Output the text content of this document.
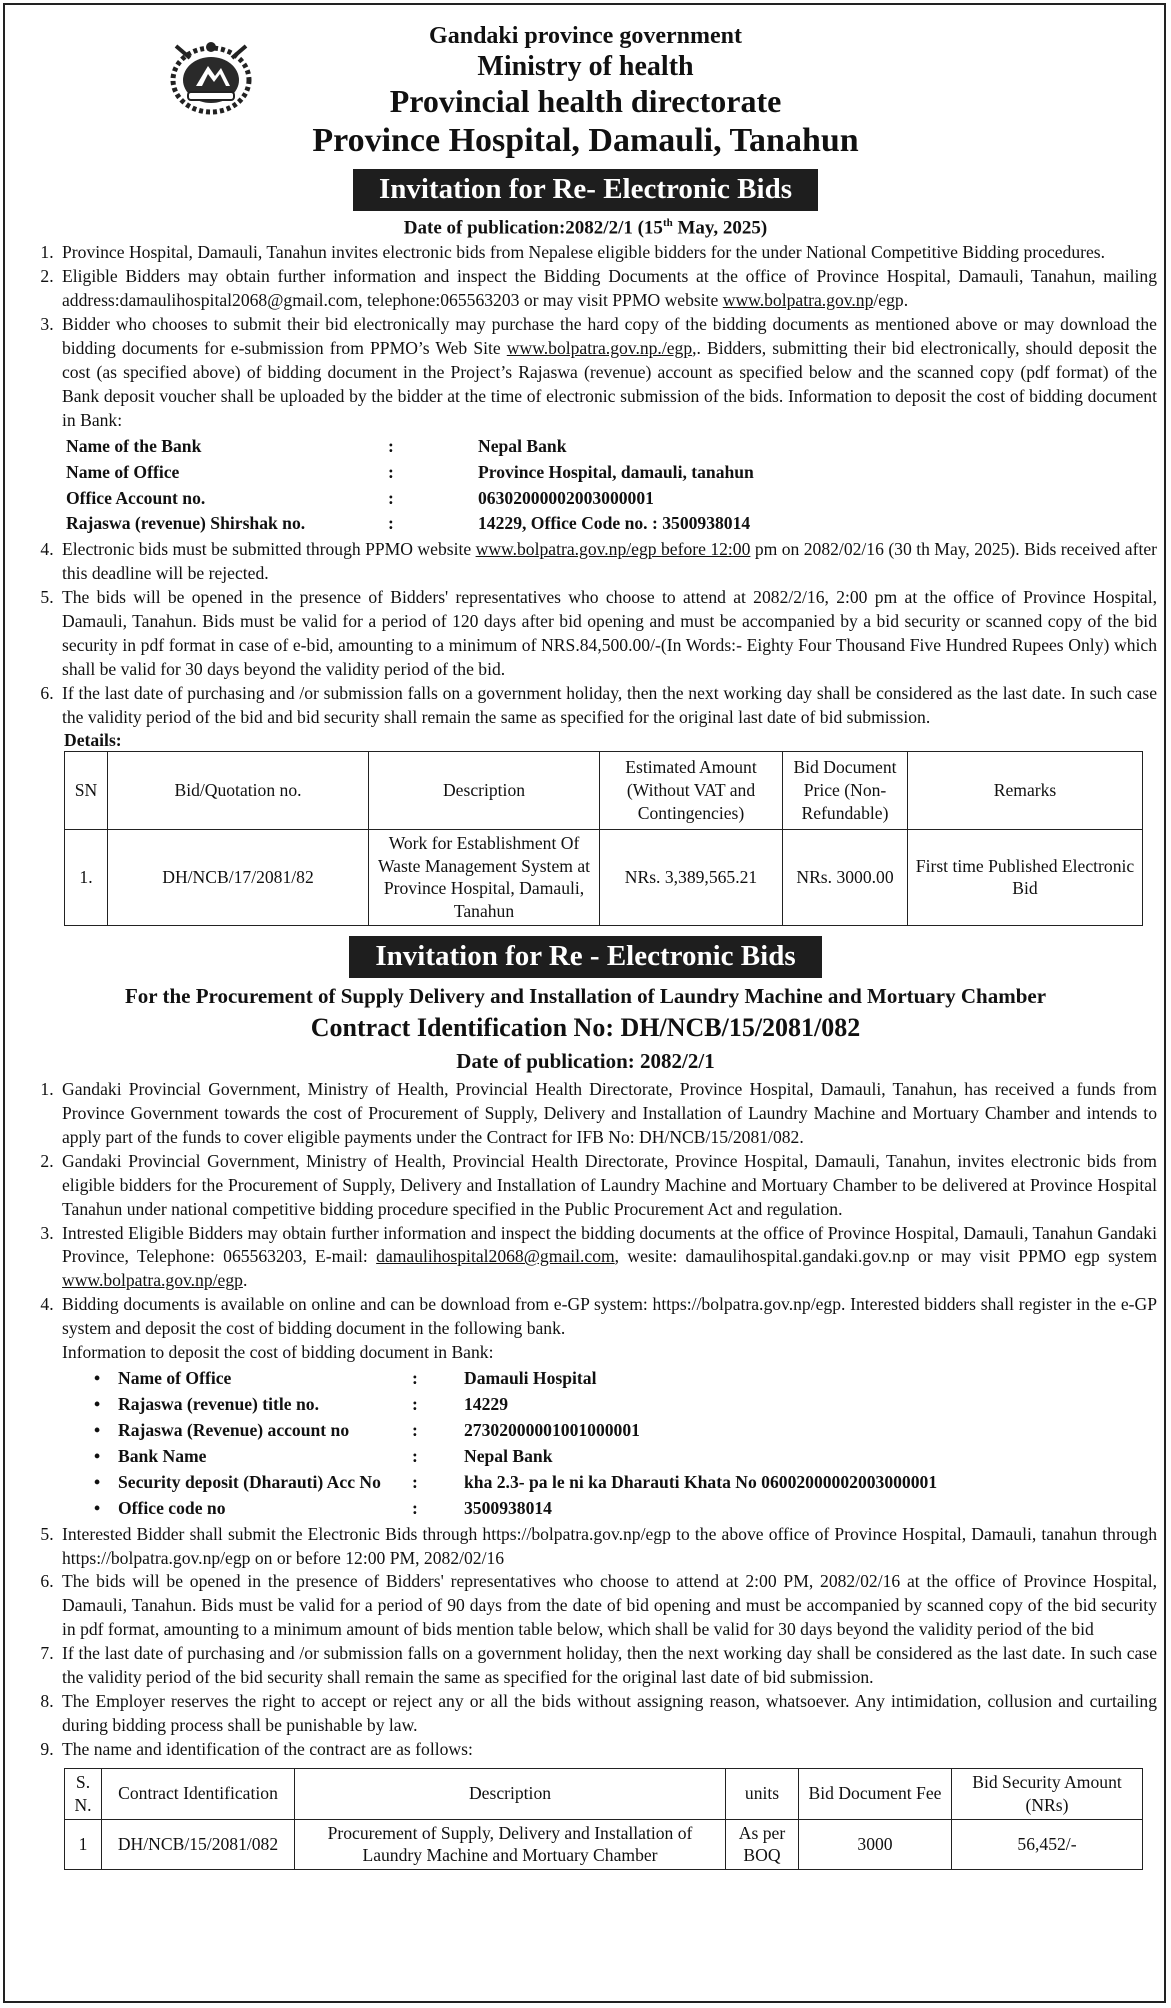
Gandaki province government
Ministry of health
Provincial health directorate
Province Hospital, Damauli, Tanahun
Invitation for Re- Electronic Bids
Date of publication:2082/2/1 (15th May, 2025)
1. Province Hospital, Damauli, Tanahun invites electronic bids from Nepalese eligible bidders for the under National Competitive Bidding procedures.
2. Eligible Bidders may obtain further information and inspect the Bidding Documents at the office of Province Hospital, Damauli, Tanahun, mailing address:damaulihospital2068@gmail.com, telephone:065563203 or may visit PPMO website www.bolpatra.gov.np/egp.
3. Bidder who chooses to submit their bid electronically may purchase the hard copy of the bidding documents as mentioned above or may download the bidding documents for e-submission from PPMO’s Web Site www.bolpatra.gov.np./egp,. Bidders, submitting their bid electronically, should deposit the cost (as specified above) of bidding document in the Project’s Rajaswa (revenue) account as specified below and the scanned copy (pdf format) of the Bank deposit voucher shall be uploaded by the bidder at the time of electronic submission of the bids. Information to deposit the cost of bidding document in Bank:
Name of the Bank	:	Nepal Bank
Name of Office	:	Province Hospital, damauli, tanahun
Office Account no.	:	06302000002003000001
Rajaswa (revenue) Shirshak no.	:	14229, Office Code no. : 3500938014
4. Electronic bids must be submitted through PPMO website www.bolpatra.gov.np/egp before 12:00 pm on 2082/02/16 (30 th May, 2025). Bids received after this deadline will be rejected.
5. The bids will be opened in the presence of Bidders' representatives who choose to attend at 2082/2/16, 2:00 pm at the office of Province Hospital, Damauli, Tanahun. Bids must be valid for a period of 120 days after bid opening and must be accompanied by a bid security or scanned copy of the bid security in pdf format in case of e-bid, amounting to a minimum of NRS.84,500.00/-(In Words:- Eighty Four Thousand Five Hundred Rupees Only) which shall be valid for 30 days beyond the validity period of the bid.
6. If the last date of purchasing and /or submission falls on a government holiday, then the next working day shall be considered as the last date. In such case the validity period of the bid and bid security shall remain the same as specified for the original last date of bid submission.
Details:
SN	Bid/Quotation no.	Description	Estimated Amount (Without VAT and Contingencies)	Bid Document Price (Non-Refundable)	Remarks
1.	DH/NCB/17/2081/82	Work for Establishment Of Waste Management System at Province Hospital, Damauli, Tanahun	NRs. 3,389,565.21	NRs. 3000.00	First time Published Electronic Bid
Invitation for Re - Electronic Bids
For the Procurement of Supply Delivery and Installation of Laundry Machine and Mortuary Chamber
Contract Identification No: DH/NCB/15/2081/082
Date of publication: 2082/2/1
1. Gandaki Provincial Government, Ministry of Health, Provincial Health Directorate, Province Hospital, Damauli, Tanahun, has received a funds from Province Government towards the cost of Procurement of Supply, Delivery and Installation of Laundry Machine and Mortuary Chamber and intends to apply part of the funds to cover eligible payments under the Contract for IFB No: DH/NCB/15/2081/082.
2. Gandaki Provincial Government, Ministry of Health, Provincial Health Directorate, Province Hospital, Damauli, Tanahun, invites electronic bids from eligible bidders for the Procurement of Supply, Delivery and Installation of Laundry Machine and Mortuary Chamber to be delivered at Province Hospital Tanahun under national competitive bidding procedure specified in the Public Procurement Act and regulation.
3. Intrested Eligible Bidders may obtain further information and inspect the bidding documents at the office of Province Hospital, Damauli, Tanahun Gandaki Province, Telephone: 065563203, E-mail: damaulihospital2068@gmail.com, wesite: damaulihospital.gandaki.gov.np or may visit PPMO egp system www.bolpatra.gov.np/egp.
4. Bidding documents is available on online and can be download from e-GP system: https://bolpatra.gov.np/egp. Interested bidders shall register in the e-GP system and deposit the cost of bidding document in the following bank.
Information to deposit the cost of bidding document in Bank:
• Name of Office	:	Damauli Hospital
• Rajaswa (revenue) title no.	:	14229
• Rajaswa (Revenue) account no	:	27302000001001000001
• Bank Name	:	Nepal Bank
• Security deposit (Dharauti) Acc No	:	kha 2.3- pa le ni ka Dharauti Khata No 06002000002003000001
• Office code no	:	3500938014
5. Interested Bidder shall submit the Electronic Bids through https://bolpatra.gov.np/egp to the above office of Province Hospital, Damauli, tanahun through https://bolpatra.gov.np/egp on or before 12:00 PM, 2082/02/16
6. The bids will be opened in the presence of Bidders' representatives who choose to attend at 2:00 PM, 2082/02/16 at the office of Province Hospital, Damauli, Tanahun. Bids must be valid for a period of 90 days from the date of bid opening and must be accompanied by scanned copy of the bid security in pdf format, amounting to a minimum amount of bids mention table below, which shall be valid for 30 days beyond the validity period of the bid
7. If the last date of purchasing and /or submission falls on a government holiday, then the next working day shall be considered as the last date. In such case the validity period of the bid security shall remain the same as specified for the original last date of bid submission.
8. The Employer reserves the right to accept or reject any or all the bids without assigning reason, whatsoever. Any intimidation, collusion and curtailing during bidding process shall be punishable by law.
9. The name and identification of the contract are as follows:
S. N.	Contract Identification	Description	units	Bid Document Fee	Bid Security Amount (NRs)
1	DH/NCB/15/2081/082	Procurement of Supply, Delivery and Installation of Laundry Machine and Mortuary Chamber	As per BOQ	3000	56,452/-
